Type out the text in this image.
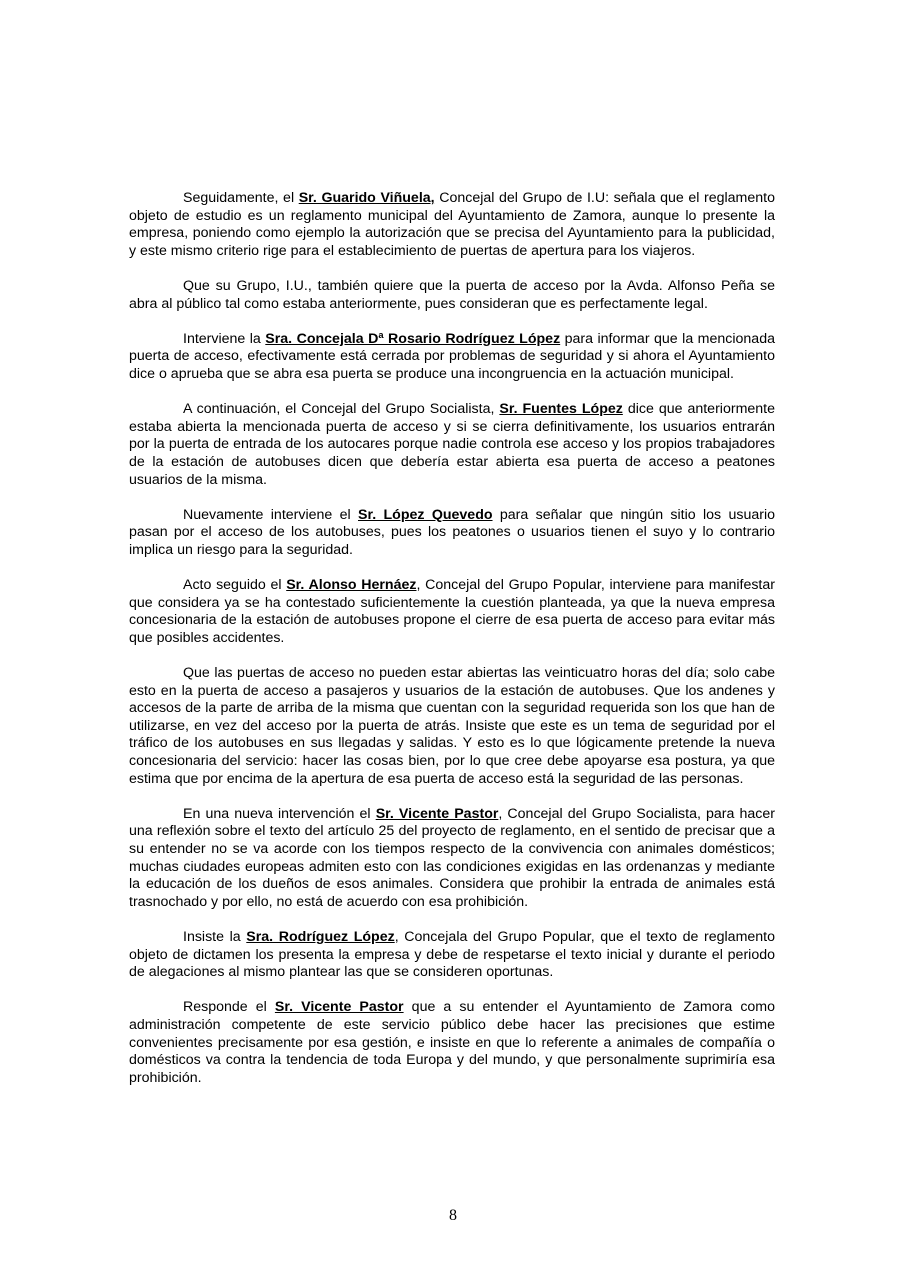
Seguidamente, el Sr. Guarido Viñuela, Concejal del Grupo de I.U: señala que el reglamento objeto de estudio es un reglamento municipal del Ayuntamiento de Zamora, aunque lo presente la empresa, poniendo como ejemplo la autorización que se precisa del Ayuntamiento para la publicidad, y este mismo criterio rige para el establecimiento de puertas de apertura para los viajeros.

Que su Grupo, I.U., también quiere que la puerta de acceso por la Avda. Alfonso Peña se abra al público tal como estaba anteriormente, pues consideran que es perfectamente legal.

Interviene la Sra. Concejala Dª Rosario Rodríguez López para informar que la mencionada puerta de acceso, efectivamente está cerrada por problemas de seguridad y si ahora el Ayuntamiento dice o aprueba que se abra esa puerta se produce una incongruencia en la actuación municipal.

A continuación, el Concejal del Grupo Socialista, Sr. Fuentes López dice que anteriormente estaba abierta la mencionada puerta de acceso y si se cierra definitivamente, los usuarios entrarán por la puerta de entrada de los autocares porque nadie controla ese acceso y los propios trabajadores de la estación de autobuses dicen que debería estar abierta esa puerta de acceso a peatones usuarios de la misma.

Nuevamente interviene el Sr. López Quevedo para señalar que ningún sitio los usuario pasan por el acceso de los autobuses, pues los peatones o usuarios tienen el suyo y lo contrario implica un riesgo para la seguridad.

Acto seguido el Sr. Alonso Hernáez, Concejal del Grupo Popular, interviene para manifestar que considera ya se ha contestado suficientemente la cuestión planteada, ya que la nueva empresa concesionaria de la estación de autobuses propone el cierre de esa puerta de acceso para evitar más que posibles accidentes.

Que las puertas de acceso no pueden estar abiertas las veinticuatro horas del día; solo cabe esto en la puerta de acceso a pasajeros y usuarios de la estación de autobuses. Que los andenes y accesos de la parte de arriba de la misma que cuentan con la seguridad requerida son los que han de utilizarse, en vez del acceso por la puerta de atrás. Insiste que este es un tema de seguridad por el tráfico de los autobuses en sus llegadas y salidas. Y esto es lo que lógicamente pretende la nueva concesionaria del servicio: hacer las cosas bien, por lo que cree debe apoyarse esa postura, ya que estima que por encima de la apertura de esa puerta de acceso está la seguridad de las personas.

En una nueva intervención el Sr. Vicente Pastor, Concejal del Grupo Socialista, para hacer una reflexión sobre el texto del artículo 25 del proyecto de reglamento, en el sentido de precisar que a su entender no se va acorde con los tiempos respecto de la convivencia con animales domésticos; muchas ciudades europeas admiten esto con las condiciones exigidas en las ordenanzas y mediante la educación de los dueños de esos animales. Considera que prohibir la entrada de animales está trasnochado y por ello, no está de acuerdo con esa prohibición.

Insiste la Sra. Rodríguez López, Concejala del Grupo Popular, que el texto de reglamento objeto de dictamen los presenta la empresa y debe de respetarse el texto inicial y durante el periodo de alegaciones al mismo plantear las que se consideren oportunas.

Responde el Sr. Vicente Pastor que a su entender el Ayuntamiento de Zamora como administración competente de este servicio público debe hacer las precisiones que estime convenientes precisamente por esa gestión, e insiste en que lo referente a animales de compañía o domésticos va contra la tendencia de toda Europa y del mundo, y que personalmente suprimiría esa prohibición.

8
